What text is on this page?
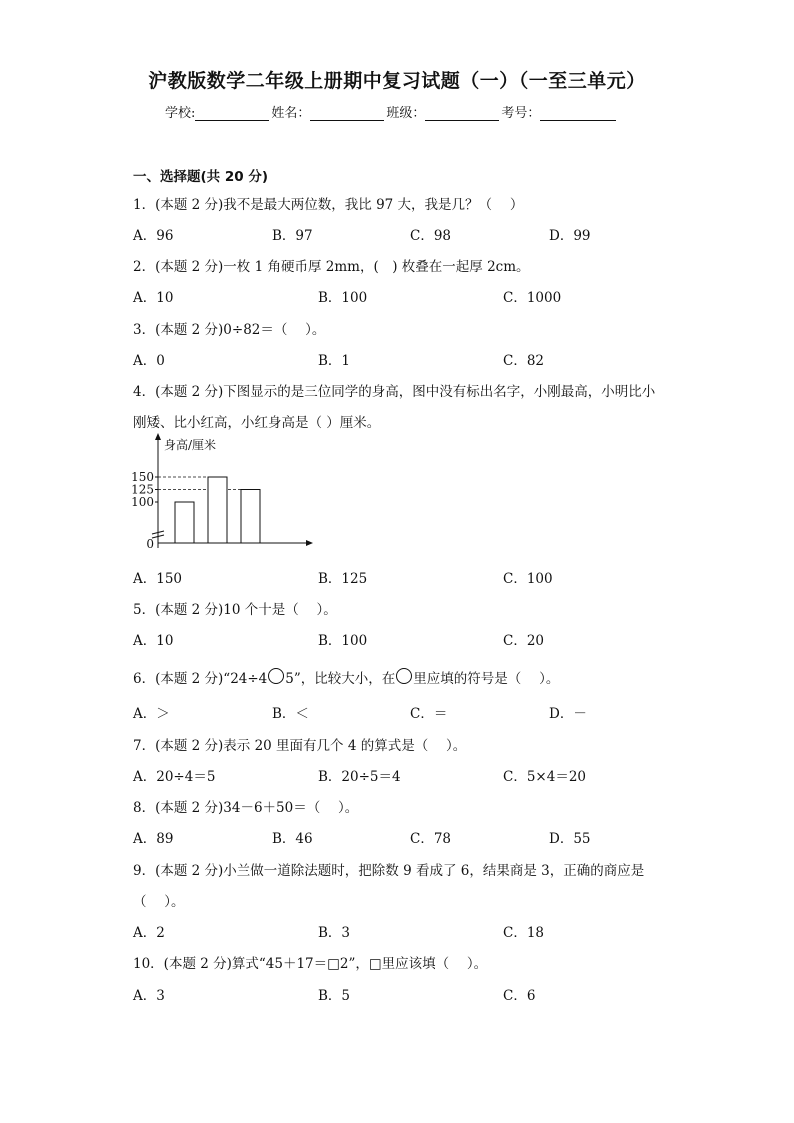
沪教版数学二年级上册期中复习试题（一）（一至三单元）
学校:	姓名：	班级：	考号：
一、选择题(共 20 分)
1．(本题 2 分)我不是最大两位数，我比 97 大，我是几？（　 ）
A．96	B．97	C．98	D．99
2．(本题 2 分)一枚 1 角硬币厚 2mm，(　) 枚叠在一起厚 2cm。
A．10	B．100	C．1000
3．(本题 2 分)0÷82＝（　 ）。
A．0	B．1	C．82
4．(本题 2 分)下图显示的是三位同学的身高，图中没有标出名字，小刚最高，小明比小
刚矮、比小红高，小红身高是（ ）厘米。
身高/厘米
0
100
125
150
A．150	B．125	C．100
5．(本题 2 分)10 个十是（　 ）。
A．10	B．100	C．20
6．(本题 2 分)“24÷4 5”，比较大小，在 里应填的符号是（　 ）。
A．＞	B．＜	C．＝	D．－
7．(本题 2 分)表示 20 里面有几个 4 的算式是（　 ）。
A．20÷4＝5	B．20÷5＝4	C．5×4＝20
8．(本题 2 分)34－6＋50＝（　 ）。
A．89	B．46	C．78	D．55
9．(本题 2 分)小兰做一道除法题时，把除数 9 看成了 6，结果商是 3，正确的商应是
（　 ）。
A．2	B．3	C．18
10．(本题 2 分)算式“45＋17＝□2”，□里应该填（　 ）。
A．3	B．5	C．6
